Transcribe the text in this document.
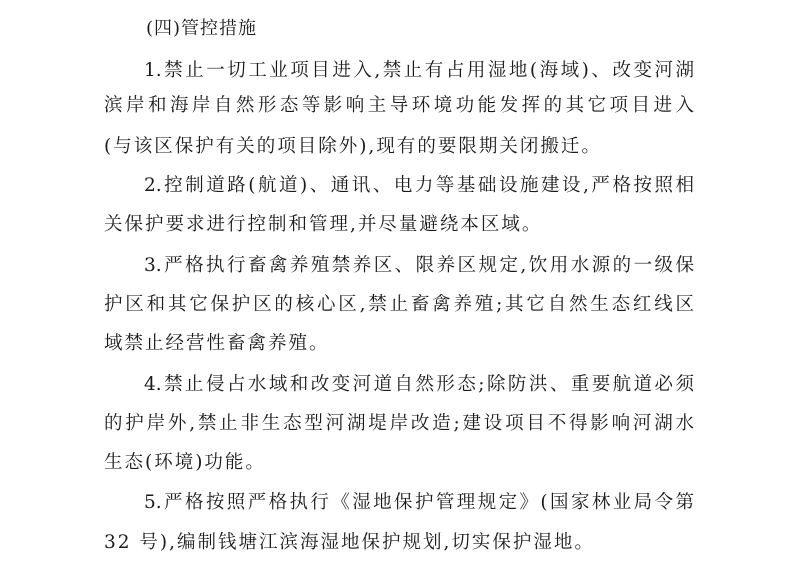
(四)管控措施

1.禁止一切工业项目进入,禁止有占用湿地(海域)、改变河湖

滨岸和海岸自然形态等影响主导环境功能发挥的其它项目进入

(与该区保护有关的项目除外),现有的要限期关闭搬迁。

2.控制道路(航道)、通讯、电力等基础设施建设,严格按照相

关保护要求进行控制和管理,并尽量避绕本区域。

3.严格执行畜禽养殖禁养区、限养区规定,饮用水源的一级保

护区和其它保护区的核心区,禁止畜禽养殖;其它自然生态红线区

域禁止经营性畜禽养殖。

4.禁止侵占水域和改变河道自然形态;除防洪、重要航道必须

的护岸外,禁止非生态型河湖堤岸改造;建设项目不得影响河湖水

生态(环境)功能。

5.严格按照严格执行《湿地保护管理规定》(国家林业局令第

32 号),编制钱塘江滨海湿地保护规划,切实保护湿地。
